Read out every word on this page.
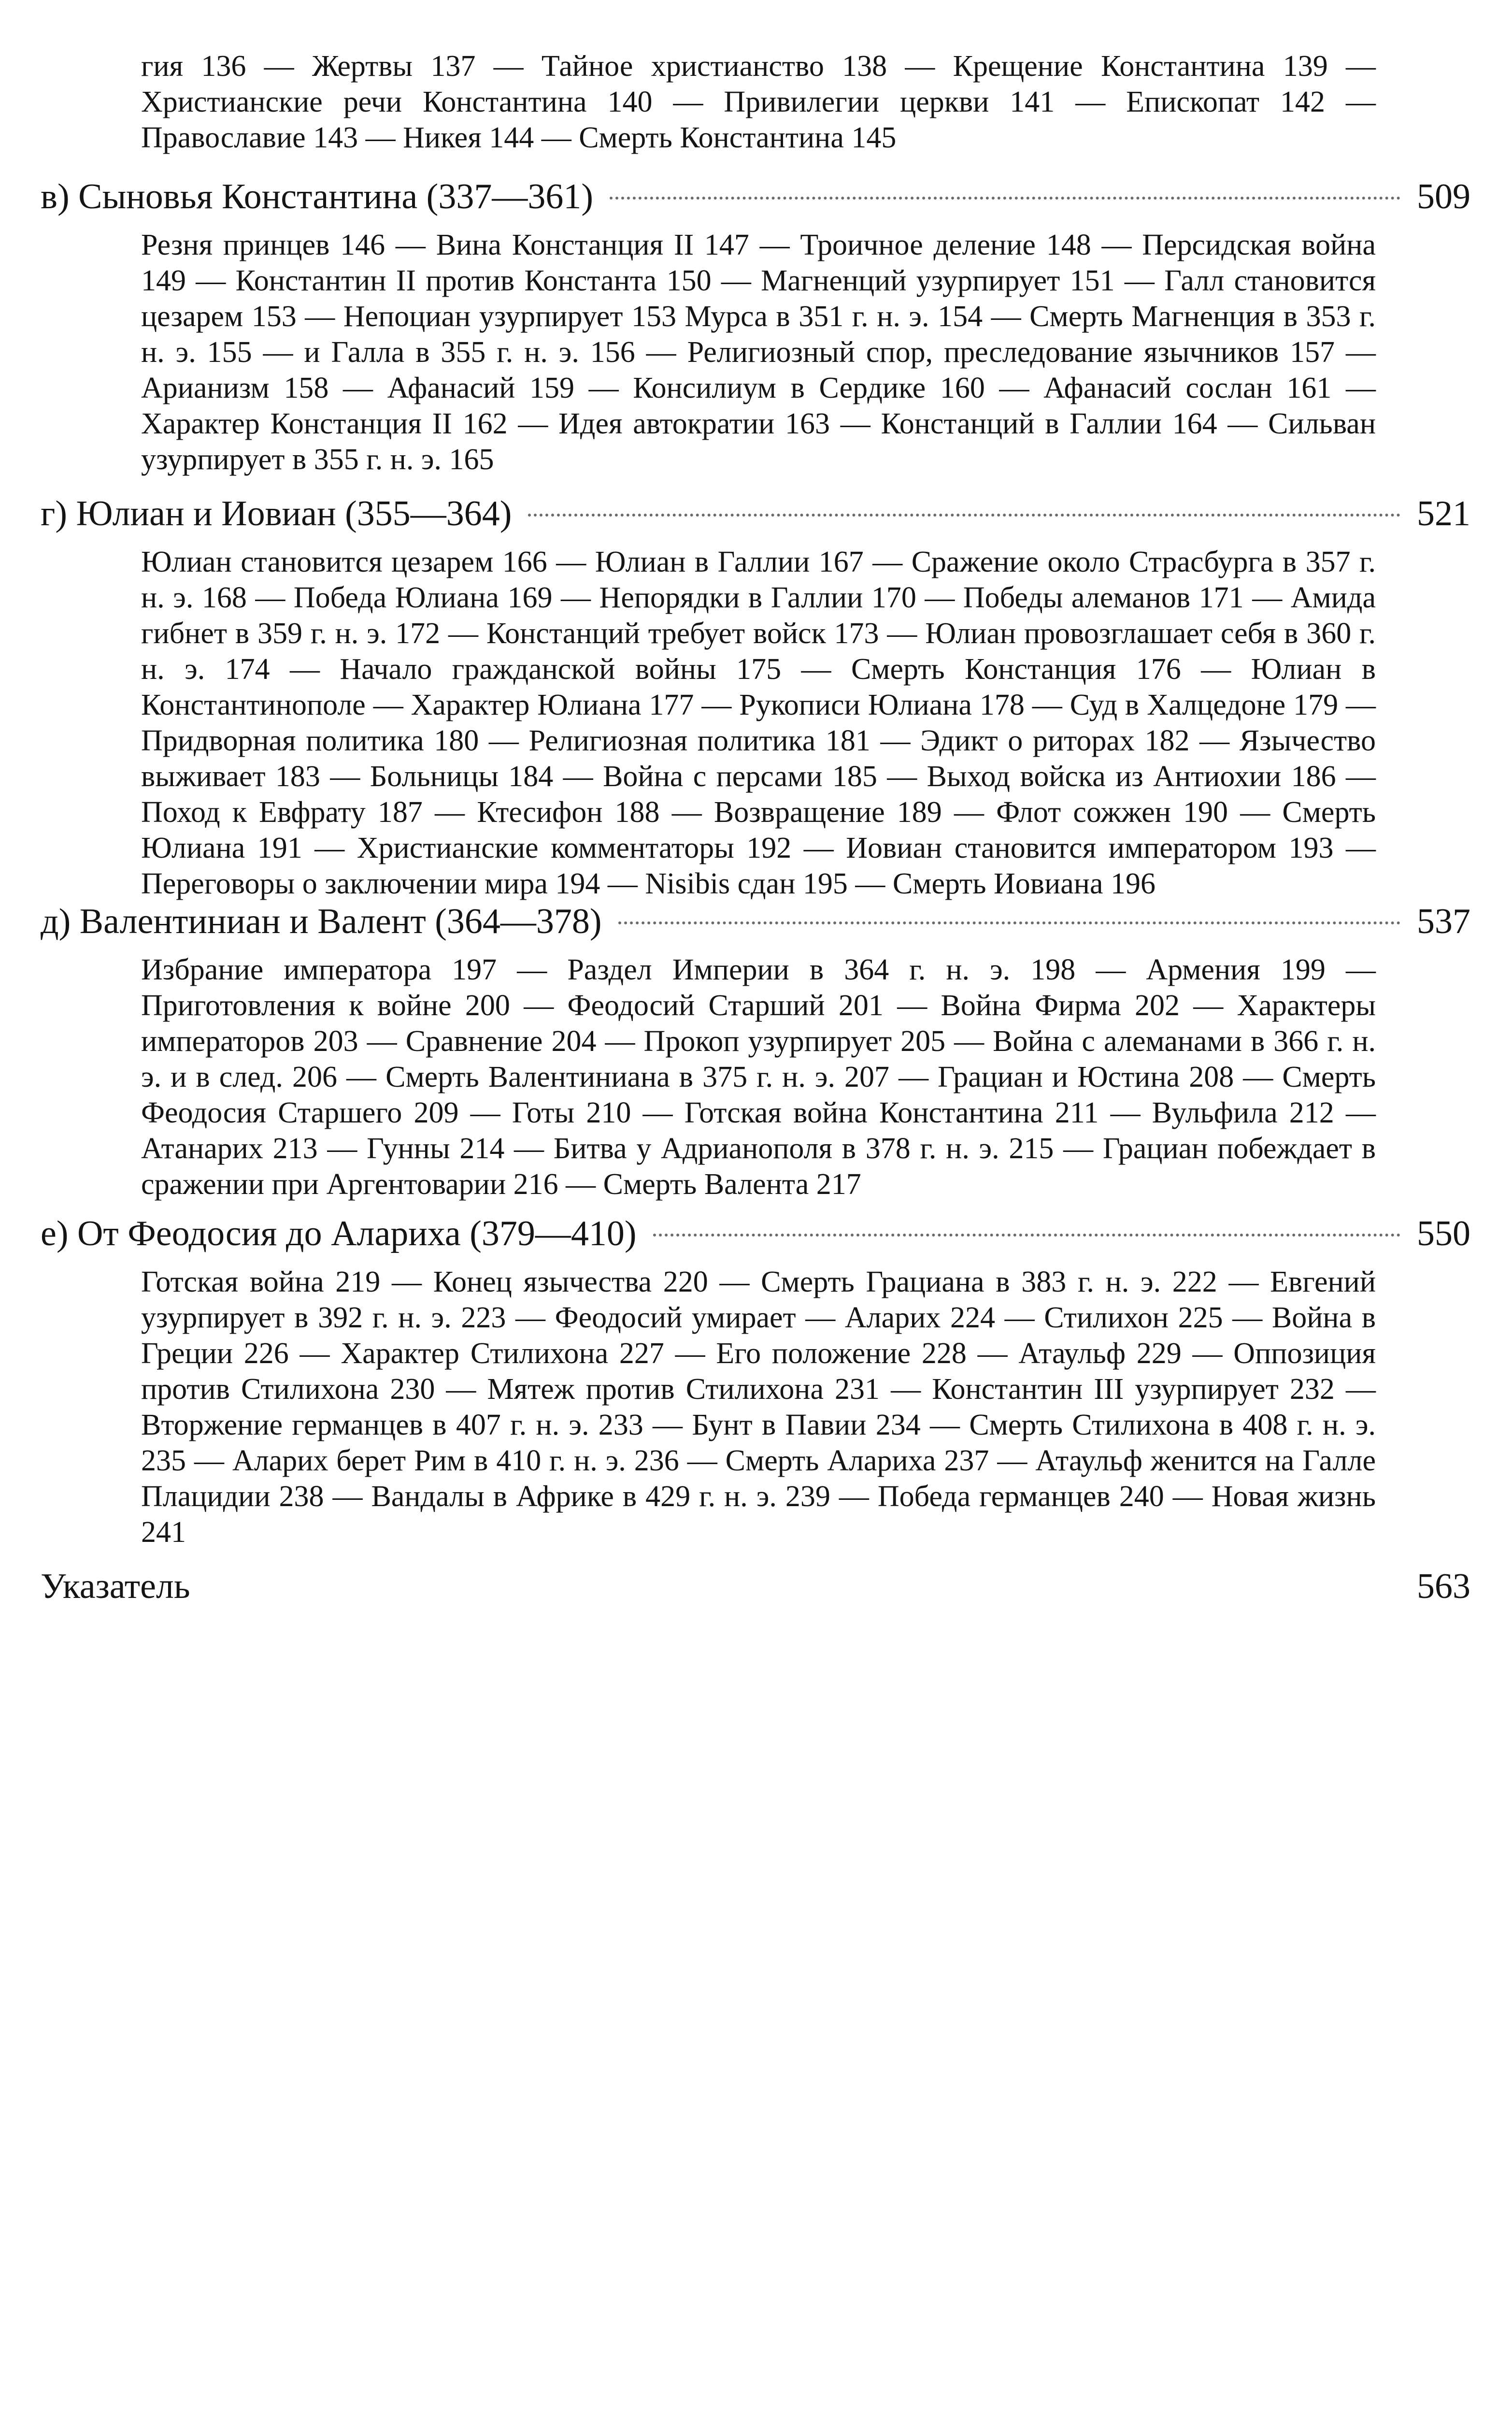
гия 136 — Жертвы 137 — Тайное христианство 138 — Крещение Константина 139 — Христианские речи Константина 140 — Привилегии церкви 141 — Епископат 142 — Православие 143 — Никея 144 — Смерть Константина 145

в) Сыновья Константина (337—361)	509
Резня принцев 146 — Вина Констанция II 147 — Троичное деление 148 — Персидская война 149 — Константин II против Константа 150 — Магненций узурпирует 151 — Галл становится цезарем 153 — Непоциан узурпирует 153 Мурса в 351 г. н. э. 154 — Смерть Магненция в 353 г. н. э. 155 — и Галла в 355 г. н. э. 156 — Религиозный спор, преследование язычников 157 — Арианизм 158 — Афанасий 159 — Консилиум в Сердике 160 — Афанасий сослан 161 — Характер Констанция II 162 — Идея автократии 163 — Констанций в Галлии 164 — Сильван узурпирует в 355 г. н. э. 165
г) Юлиан и Иовиан (355—364)	521
Юлиан становится цезарем 166 — Юлиан в Галлии 167 — Сражение около Страсбурга в 357 г. н. э. 168 — Победа Юлиана 169 — Непорядки в Галлии 170 — Победы алеманов 171 — Амида гибнет в 359 г. н. э. 172 — Констанций требует войск 173 — Юлиан провозглашает себя в 360 г. н. э. 174 — Начало гражданской войны 175 — Смерть Констанция 176 — Юлиан в Константинополе — Характер Юлиана 177 — Рукописи Юлиана 178 — Суд в Халцедоне 179 — Придворная политика 180 — Религиозная политика 181 — Эдикт о риторах 182 — Язычество выживает 183 — Больницы 184 — Война с персами 185 — Выход войска из Антиохии 186 — Поход к Евфрату 187 — Ктесифон 188 — Возвращение 189 — Флот сожжен 190 — Смерть Юлиана 191 — Христианские комментаторы 192 — Иовиан становится императором 193 — Переговоры о заключении мира 194 — Nisibis сдан 195 — Смерть Иовиана 196
д) Валентиниан и Валент (364—378)	537
Избрание императора 197 — Раздел Империи в 364 г. н. э. 198 — Армения 199 — Приготовления к войне 200 — Феодосий Старший 201 — Война Фирма 202 — Характеры императоров 203 — Сравнение 204 — Прокоп узурпирует 205 — Война с алеманами в 366 г. н. э. и в след. 206 — Смерть Валентиниана в 375 г. н. э. 207 — Грациан и Юстина 208 — Смерть Феодосия Старшего 209 — Готы 210 — Готская война Константина 211 — Вульфила 212 — Атанарих 213 — Гунны 214 — Битва у Адрианополя в 378 г. н. э. 215 — Грациан побеждает в сражении при Аргентоварии 216 — Смерть Валента 217
е) От Феодосия до Алариха (379—410)	550
Готская война 219 — Конец язычества 220 — Смерть Грациана в 383 г. н. э. 222 — Евгений узурпирует в 392 г. н. э. 223 — Феодосий умирает — Аларих 224 — Стилихон 225 — Война в Греции 226 — Характер Стилихона 227 — Его положение 228 — Атаульф 229 — Оппозиция против Стилихона 230 — Мятеж против Стилихона 231 — Константин III узурпирует 232 — Вторжение германцев в 407 г. н. э. 233 — Бунт в Павии 234 — Смерть Стилихона в 408 г. н. э. 235 — Аларих берет Рим в 410 г. н. э. 236 — Смерть Алариха 237 — Атаульф женится на Галле Плацидии 238 — Вандалы в Африке в 429 г. н. э. 239 — Победа германцев 240 — Новая жизнь 241
Указатель	563
